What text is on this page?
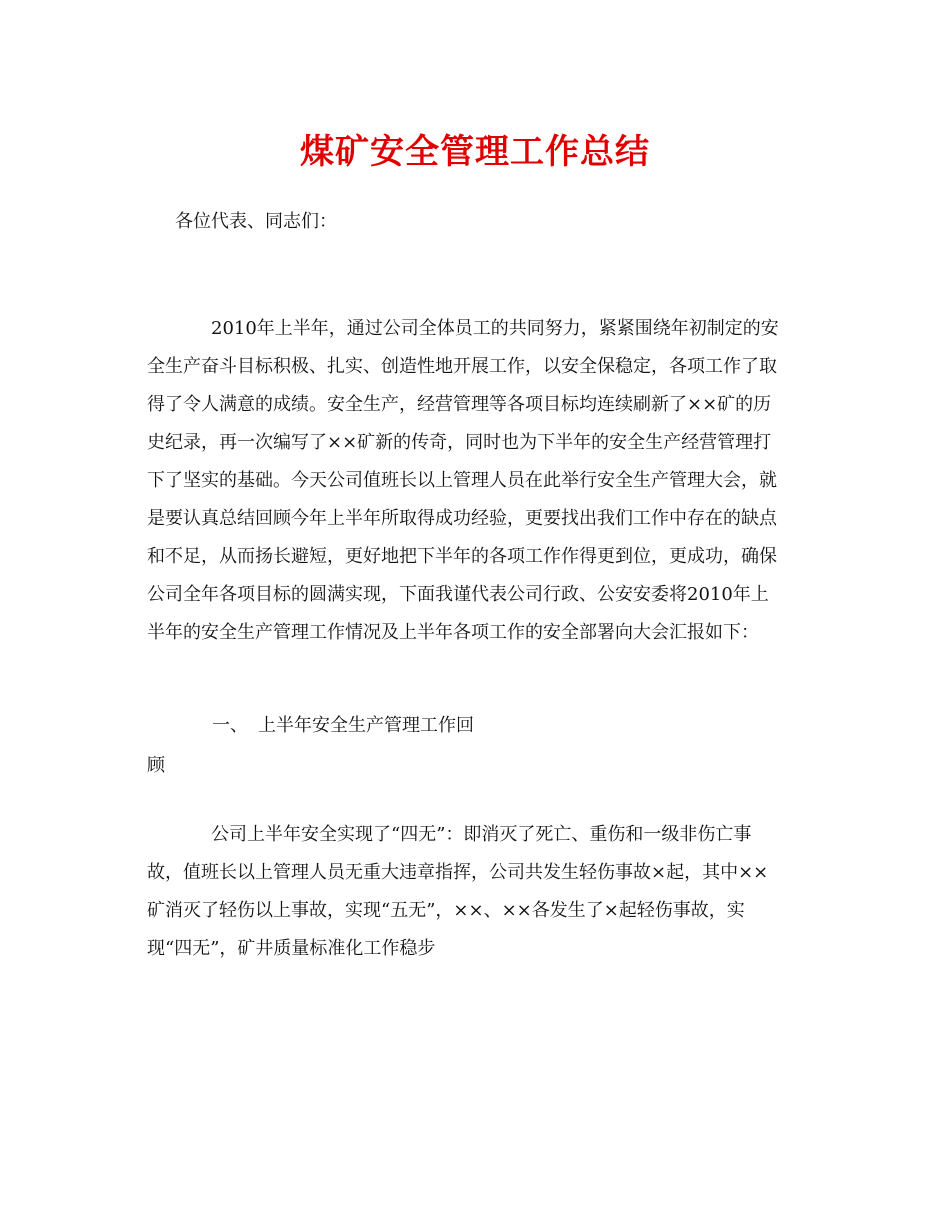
煤矿安全管理工作总结
各位代表、同志们：
2010年上半年，通过公司全体员工的共同努力，紧紧围绕年初制定的安
全生产奋斗目标积极、扎实、创造性地开展工作，以安全保稳定，各项工作了取
得了令人满意的成绩。安全生产，经营管理等各项目标均连续刷新了××矿的历
史纪录，再一次编写了××矿新的传奇，同时也为下半年的安全生产经营管理打
下了坚实的基础。今天公司值班长以上管理人员在此举行安全生产管理大会，就
是要认真总结回顾今年上半年所取得成功经验，更要找出我们工作中存在的缺点
和不足，从而扬长避短，更好地把下半年的各项工作作得更到位，更成功，确保
公司全年各项目标的圆满实现，下面我谨代表公司行政、公安安委将2010年上
半年的安全生产管理工作情况及上半年各项工作的安全部署向大会汇报如下：
一、 上半年安全生产管理工作回
顾
公司上半年安全实现了“四无”：即消灭了死亡、重伤和一级非伤亡事
故，值班长以上管理人员无重大违章指挥，公司共发生轻伤事故×起，其中××
矿消灭了轻伤以上事故，实现“五无”，××、××各发生了×起轻伤事故，实
现“四无”，矿井质量标准化工作稳步
